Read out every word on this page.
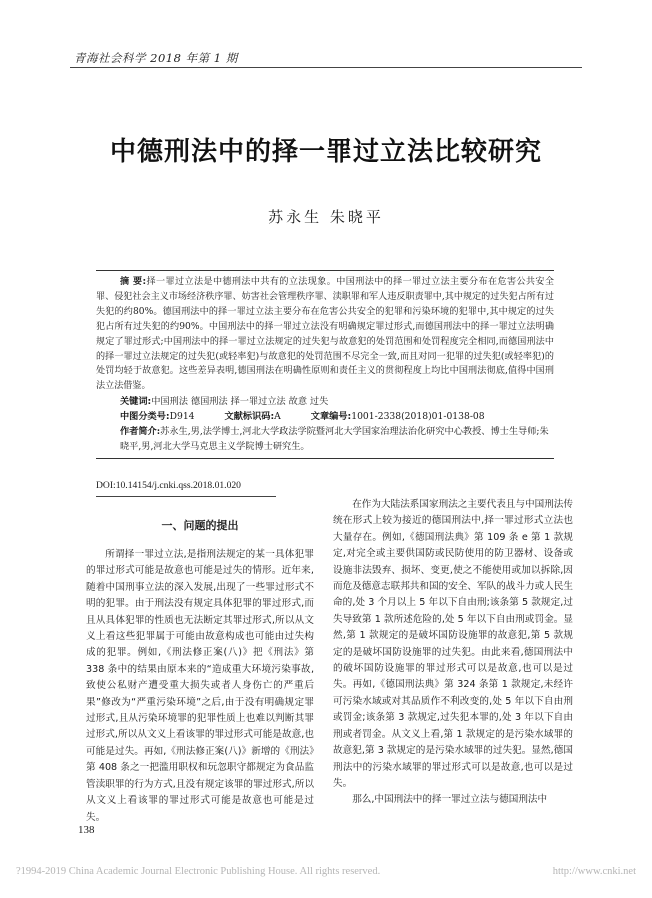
青海社会科学 2018 年第 1 期
中德刑法中的择一罪过立法比较研究
苏永生 朱晓平

摘 要:择一罪过立法是中德刑法中共有的立法现象。中国刑法中的择一罪过立法主要分布在危害公共安全罪、侵犯社会主义市场经济秩序罪、妨害社会管理秩序罪、渎职罪和军人违反职责罪中,其中规定的过失犯占所有过失犯的约80%。德国刑法中的择一罪过立法主要分布在危害公共安全的犯罪和污染环境的犯罪中,其中规定的过失犯占所有过失犯的约90%。中国刑法中的择一罪过立法没有明确规定罪过形式,而德国刑法中的择一罪过立法明确规定了罪过形式;中国刑法中的择一罪过立法规定的过失犯与故意犯的处罚范围和处罚程度完全相同,而德国刑法中的择一罪过立法规定的过失犯(或轻率犯)与故意犯的处罚范围不尽完全一致,而且对同一犯罪的过失犯(或轻率犯)的处罚均轻于故意犯。这些差异表明,德国刑法在明确性原则和责任主义的贯彻程度上均比中国刑法彻底,值得中国刑法立法借鉴。

关键词:中国刑法 德国刑法 择一罪过立法 故意 过失
中图分类号:D914	文献标识码:A	文章编号:1001-2338(2018)01-0138-08
作者简介:苏永生,男,法学博士,河北大学政法学院暨河北大学国家治理法治化研究中心教授、博士生导师;朱晓平,男,河北大学马克思主义学院博士研究生。
DOI:10.14154/j.cnki.qss.2018.01.020
一、问题的提出

所谓择一罪过立法,是指刑法规定的某一具体犯罪的罪过形式可能是故意也可能是过失的情形。近年来,随着中国刑事立法的深入发展,出现了一些罪过形式不明的犯罪。由于刑法没有规定具体犯罪的罪过形式,而且从具体犯罪的性质也无法断定其罪过形式,所以从文义上看这些犯罪属于可能由故意构成也可能由过失构成的犯罪。例如,《刑法修正案(八)》把《刑法》第 338 条中的结果由原本来的“造成重大环境污染事故,致使公私财产遭受重大损失或者人身伤亡的严重后果”修改为“严重污染环境”之后,由于没有明确规定罪过形式,且从污染环境罪的犯罪性质上也难以判断其罪过形式,所以从文义上看该罪的罪过形式可能是故意,也可能是过失。再如,《刑法修正案(八)》新增的《刑法》第 408 条之一把滥用职权和玩忽职守都规定为食品监管渎职罪的行为方式,且没有规定该罪的罪过形式,所以从文义上看该罪的罪过形式可能是故意也可能是过失。

在作为大陆法系国家刑法之主要代表且与中国刑法传统在形式上较为接近的德国刑法中,择一罪过形式立法也大量存在。例如,《德国刑法典》第 109 条 e 第 1 款规定,对完全或主要供国防或民防使用的防卫器材、设备或设施非法毁弃、损坏、变更,使之不能使用或加以拆除,因而危及德意志联邦共和国的安全、军队的战斗力或人民生命的,处 3 个月以上 5 年以下自由刑;该条第 5 款规定,过失导致第 1 款所述危险的,处 5 年以下自由刑或罚金。显然,第 1 款规定的是破坏国防设施罪的故意犯,第 5 款规定的是破坏国防设施罪的过失犯。由此来看,德国刑法中的破坏国防设施罪的罪过形式可以是故意,也可以是过失。再如,《德国刑法典》第 324 条第 1 款规定,未经许可污染水域或对其品质作不利改变的,处 5 年以下自由刑或罚金;该条第 3 款规定,过失犯本罪的,处 3 年以下自由刑或者罚金。从文义上看,第 1 款规定的是污染水域罪的故意犯,第 3 款规定的是污染水域罪的过失犯。显然,德国刑法中的污染水域罪的罪过形式可以是故意,也可以是过失。

那么,中国刑法中的择一罪过立法与德国刑法中

138
?1994-2019 China Academic Journal Electronic Publishing House. All rights reserved.	http://www.cnki.net
